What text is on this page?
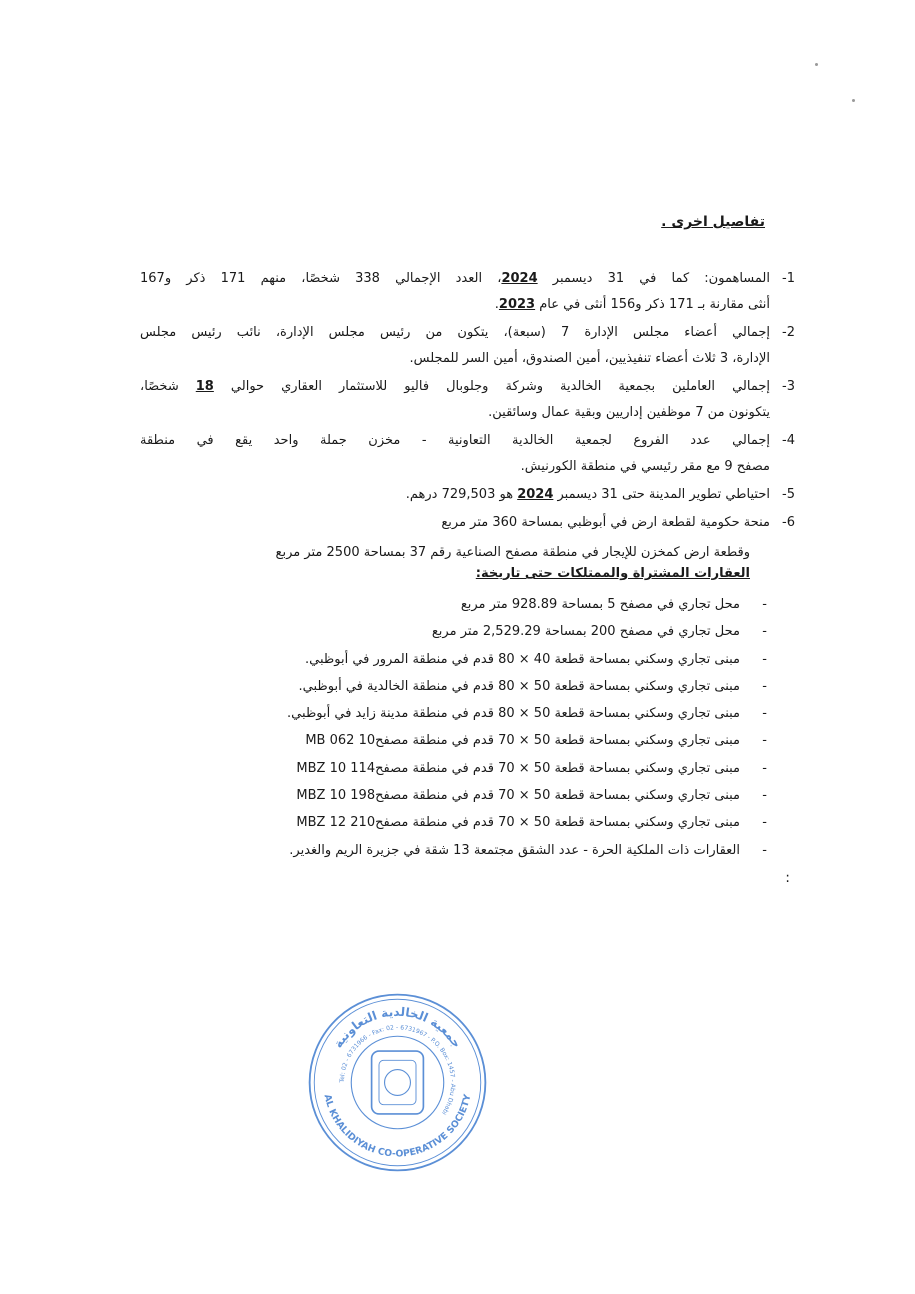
تفاصيل اخرى .
-1
المساهمون: كما في 31 ديسمبر 2024، العدد الإجمالي 338 شخصًا، منهم 171 ذكر و167
أنثى مقارنة بـ 171 ذكر و156 أنثى في عام 2023.
-2
إجمالي أعضاء مجلس الإدارة 7 (سبعة)، يتكون من رئيس مجلس الإدارة، نائب رئيس مجلس
الإدارة، 3 ثلاث أعضاء تنفيذيين، أمين الصندوق، أمين السر للمجلس.
-3
إجمالي العاملين بجمعية الخالدية وشركة وجلوبال فاليو للاستثمار العقاري حوالي 18 شخصًا،
يتكونون من 7 موظفين إداريين وبقية عمال وسائقين.
-4
إجمالي عدد الفروع لجمعية الخالدية التعاونية - مخزن جملة واحد يقع في منطقة
مصفح 9 مع مقر رئيسي في منطقة الكورنيش.
-5
احتياطي تطوير المدينة حتى 31 ديسمبر 2024 هو 729,503 درهم.
-6
منحة حكومية لقطعة ارض في أبوظبي بمساحة 360 متر مربع
وقطعة ارض كمخزن للإيجار في منطقة مصفح الصناعية رقم 37 بمساحة 2500 متر مربع
العقارات المشتراة والممتلكات حتى تاريخة:
-
محل تجاري في مصفح 5 بمساحة 928.89 متر مربع
-
محل تجاري في مصفح 200 بمساحة 2,529.29 متر مربع
-
مبنى تجاري وسكني بمساحة قطعة 40 × 80 قدم في منطقة المرور في أبوظبي.
-
مبنى تجاري وسكني بمساحة قطعة 50 × 80 قدم في منطقة الخالدية في أبوظبي.
-
مبنى تجاري وسكني بمساحة قطعة 50 × 80 قدم في منطقة مدينة زايد في أبوظبي.
-
مبنى تجاري وسكني بمساحة قطعة 50 × 70 قدم في منطقة مصفح10 MB 062
-
مبنى تجاري وسكني بمساحة قطعة 50 × 70 قدم في منطقة مصفح114 MBZ 10
-
مبنى تجاري وسكني بمساحة قطعة 50 × 70 قدم في منطقة مصفح198 MBZ 10
-
مبنى تجاري وسكني بمساحة قطعة 50 × 70 قدم في منطقة مصفح210 MBZ 12
-
العقارات ذات الملكية الحرة - عدد الشقق مجتمعة 13 شقة في جزيرة الريم والغدير.
:
جمعية الخالدية التعاونية
AL KHALIDIYAH CO-OPERATIVE SOCIETY
Tel: 02 - 6731966 - Fax: 02 - 6731967 - P.O. Box: 1457 - Abu Dhabi
